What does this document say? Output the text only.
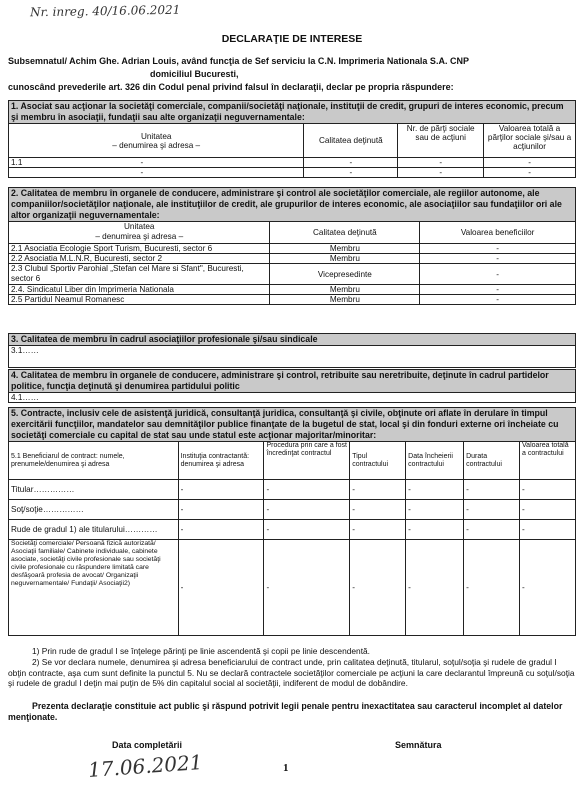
Nr. inreg. 40/16.06.2021
DECLARAŢIE DE INTERESE
Subsemnatul/ Achim Ghe. Adrian Louis, având funcţia de Sef serviciu la C.N. Imprimeria Nationala S.A. CNP
domiciliul Bucuresti,
cunoscând prevederile art. 326 din Codul penal privind falsul în declaraţii, declar pe propria răspundere:
1. Asociat sau acţionar la societăţi comerciale, companii/societăţi naţionale, instituţii de credit, grupuri de interes economic, precum şi membru în asociaţii, fundaţii sau alte organizaţii neguvernamentale:			
Unitatea
– denumirea şi adresa –	Calitatea deţinută	Nr. de părţi sociale sau de acţiuni	Valoarea totală a părţilor sociale şi/sau a acţiunilor
1.1 -	-	-	-

-	-	-	-
2. Calitatea de membru în organele de conducere, administrare şi control ale societăţilor comerciale, ale regiilor autonome, ale companiilor/societăţilor naţionale, ale instituţiilor de credit, ale grupurilor de interes economic, ale asociaţiilor sau fundaţiilor ori ale altor organizaţii neguvernamentale:		
Unitatea
– denumirea şi adresa –	Calitatea deţinută	Valoarea beneficiilor
2.1 Asociatia Ecologie Sport Turism, Bucuresti, sector 6	Membru	-
2.2 Asociatia M.L.N.R, Bucuresti, sector 2	Membru	-
2.3 Clubul Sportiv Parohial „Stefan cel Mare si Sfant", Bucuresti, sector 6	Vicepresedinte	-
2.4. Sindicatul Liber din Imprimeria Nationala	Membru	-
2.5 Partidul Neamul Romanesc	Membru	-
3. Calitatea de membru în cadrul asociaţiilor profesionale şi/sau sindicale
3.1……
4. Calitatea de membru în organele de conducere, administrare şi control, retribuite sau neretribuite, deţinute în cadrul partidelor politice, funcţia deţinută şi denumirea partidului politic
4.1……
5. Contracte, inclusiv cele de asistenţă juridică, consultanţă juridica, consultanţă şi civile, obţinute ori aflate în derulare în timpul exercitării funcţiilor, mandatelor sau demnităţilor publice finanţate de la bugetul de stat, local şi din fonduri externe ori încheiate cu societăţi comerciale cu capital de stat sau unde statul este acţionar majoritar/minoritar:						
5.1 Beneficiarul de contract: numele, prenumele/denumirea şi adresa	Instituţia contractantă: denumirea şi adresa	Procedura prin care a fost încredinţat contractul	Tipul contractului	Data încheierii contractului	Durata contractului	Valoarea totală a contractului
Titular……………	-	-	-	-	-	-
Soţ/soţie……………	-	-	-	-	-	-
Rude de gradul 1) ale titularului…………	-	-	-	-	-	-
Societăţi comerciale/ Persoană fizică autorizată/ Asociaţii familiale/ Cabinete individuale, cabinete asociate, societăţi civile profesionale sau societăţi civile profesionale cu răspundere limitată care desfăşoară profesia de avocat/ Organizaţii neguvernamentale/ Fundaţii/ Asociaţii2)	-	-	-	-	-	-
1) Prin rude de gradul I se înţelege părinţi pe linie ascendentă şi copii pe linie descendentă.
2) Se vor declara numele, denumirea şi adresa beneficiarului de contract unde, prin calitatea deţinută, titularul, soţul/soţia şi rudele de gradul I obţin contracte, aşa cum sunt definite la punctul 5. Nu se declară contractele societăţilor comerciale pe acţiuni la care declarantul împreună cu soţul/soţia şi rudele de gradul I deţin mai puţin de 5% din capitalul social al societăţii, indiferent de modul de dobândire.
Prezenta declaraţie constituie act public şi răspund potrivit legii penale pentru inexactitatea sau caracterul incomplet al datelor menţionate.
Data completării	Semnătura
17.06.2021	1
